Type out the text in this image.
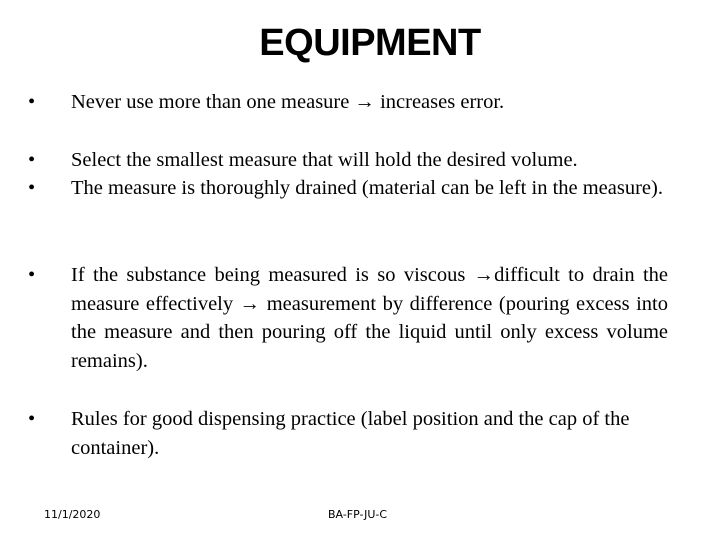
EQUIPMENT
•	Never use more than one measure → increases error.
•	Select the smallest measure that will hold the desired volume.
•	The measure is thoroughly drained (material can be left in the measure).
•	If the substance being measured is so viscous →difficult to drain the measure effectively → measurement by difference (pouring excess into the measure and then pouring off the liquid until only excess volume remains).
•	Rules for good dispensing practice (label position and the cap of the container).
11/1/2020	BA-FP-JU-C
